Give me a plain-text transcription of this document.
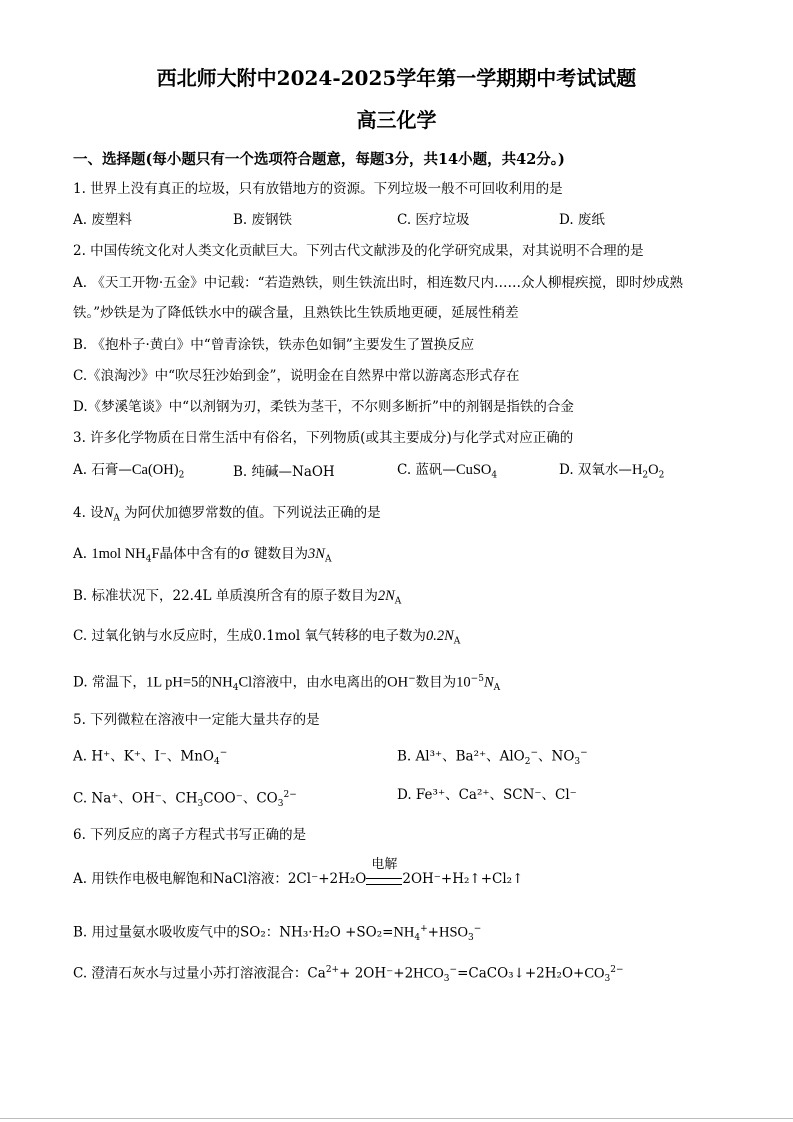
西北师大附中2024-2025学年第一学期期中考试试题
高三化学
一、选择题(每小题只有一个选项符合题意，每题3分，共14小题，共42分。)
1. 世界上没有真正的垃圾，只有放错地方的资源。下列垃圾一般不可回收利用的是
A. 废塑料	B. 废钢铁	C. 医疗垃圾	D. 废纸
2. 中国传统文化对人类文化贡献巨大。下列古代文献涉及的化学研究成果，对其说明不合理的是
A. 《天工开物·五金》中记载：“若造熟铁，则生铁流出时，相连数尺内……众人柳棍疾搅，即时炒成熟
铁。”炒铁是为了降低铁水中的碳含量，且熟铁比生铁质地更硬，延展性稍差
B. 《抱朴子·黄白》中“曾青涂铁，铁赤色如铜”主要发生了置换反应
C.《浪淘沙》中“吹尽狂沙始到金”，说明金在自然界中常以游离态形式存在
D.《梦溪笔谈》中“以剂钢为刃，柔铁为茎干，不尔则多断折”中的剂钢是指铁的合金
3. 许多化学物质在日常生活中有俗名，下列物质(或其主要成分)与化学式对应正确的
A. 石膏$—Ca(OH)_2$	B. 纯碱—NaOH	C. 蓝矾—CuSO$_4$	D. 双氧水$—H_2O_2$
4. 设$N_A$ 为阿伏加德罗常数的值。下列说法正确的是
A. 1mol $NH_4F$晶体中含有的σ 键数目为$3N_A$
B. 标准状况下，22.4L 单质溴所含有的原子数目为$2N_A$
C. 过氧化钠与水反应时，生成0.1mol 氧气转移的电子数为$0.2N_A$
D. 常温下，1L pH=5的$NH_4Cl$溶液中，由水电离出的OH−数目为$10^{-5}N_A$
5. 下列微粒在溶液中一定能大量共存的是
A. H⁺、K⁺、I⁻、MnO$_4$−	B. Al³⁺、Ba²⁺、AlO$_2$−、$NO_3^-$
C. Na⁺、OH⁻、$CH_3COO^-$、$CO_3^{2-}$	D. Fe³⁺、Ca²⁺、SCN⁻、Cl⁻
6. 下列反应的离子方程式书写正确的是
A. 用铁作电极电解饱和NaCl溶液：2Cl⁻+2H₂O
电解
2OH⁻+H₂↑+Cl₂↑
B. 用过量氨水吸收废气中的SO₂：$NH_3\cdot H_2O +SO_2=NH_4^++HSO_3^-$
C. 澄清石灰水与过量小苏打溶液混合：$Ca^{2+}+$ $2OH^-+2HCO_3^-=CaCO_3↓+2H_2O+CO_3^{2-}$
